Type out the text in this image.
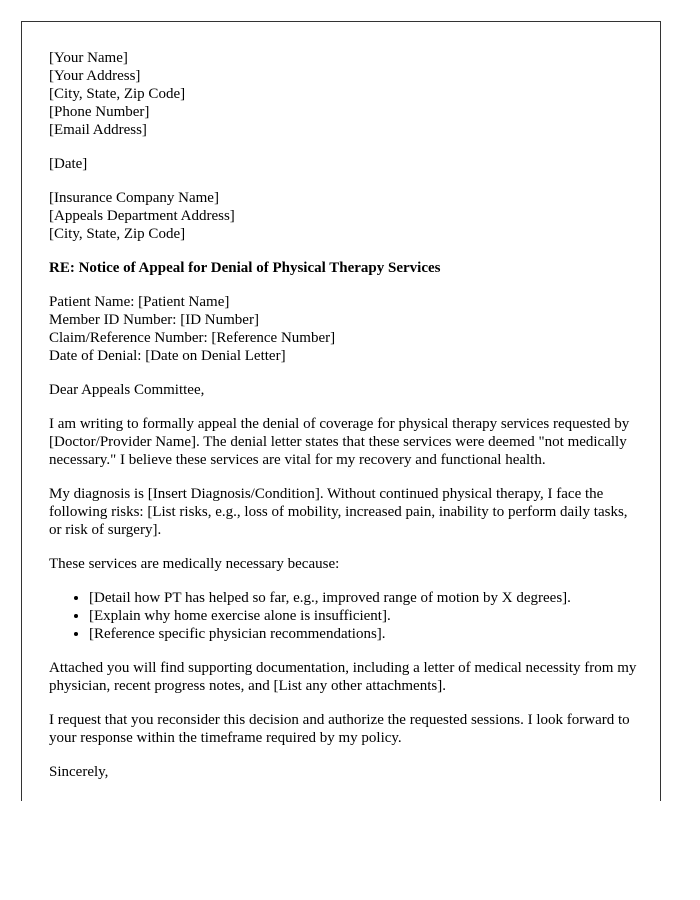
[Your Name]
[Your Address]
[City, State, Zip Code]
[Phone Number]
[Email Address]
[Date]
[Insurance Company Name]
[Appeals Department Address]
[City, State, Zip Code]
RE: Notice of Appeal for Denial of Physical Therapy Services
Patient Name: [Patient Name]
Member ID Number: [ID Number]
Claim/Reference Number: [Reference Number]
Date of Denial: [Date on Denial Letter]

Dear Appeals Committee,

I am writing to formally appeal the denial of coverage for physical therapy services requested by [Doctor/Provider Name]. The denial letter states that these services were deemed "not medically necessary." I believe these services are vital for my recovery and functional health.

My diagnosis is [Insert Diagnosis/Condition]. Without continued physical therapy, I face the following risks: [List risks, e.g., loss of mobility, increased pain, inability to perform daily tasks, or risk of surgery].

These services are medically necessary because:

• [Detail how PT has helped so far, e.g., improved range of motion by X degrees].
• [Explain why home exercise alone is insufficient].
• [Reference specific physician recommendations].

Attached you will find supporting documentation, including a letter of medical necessity from my physician, recent progress notes, and [List any other attachments].

I request that you reconsider this decision and authorize the requested sessions. I look forward to your response within the timeframe required by my policy.

Sincerely,
